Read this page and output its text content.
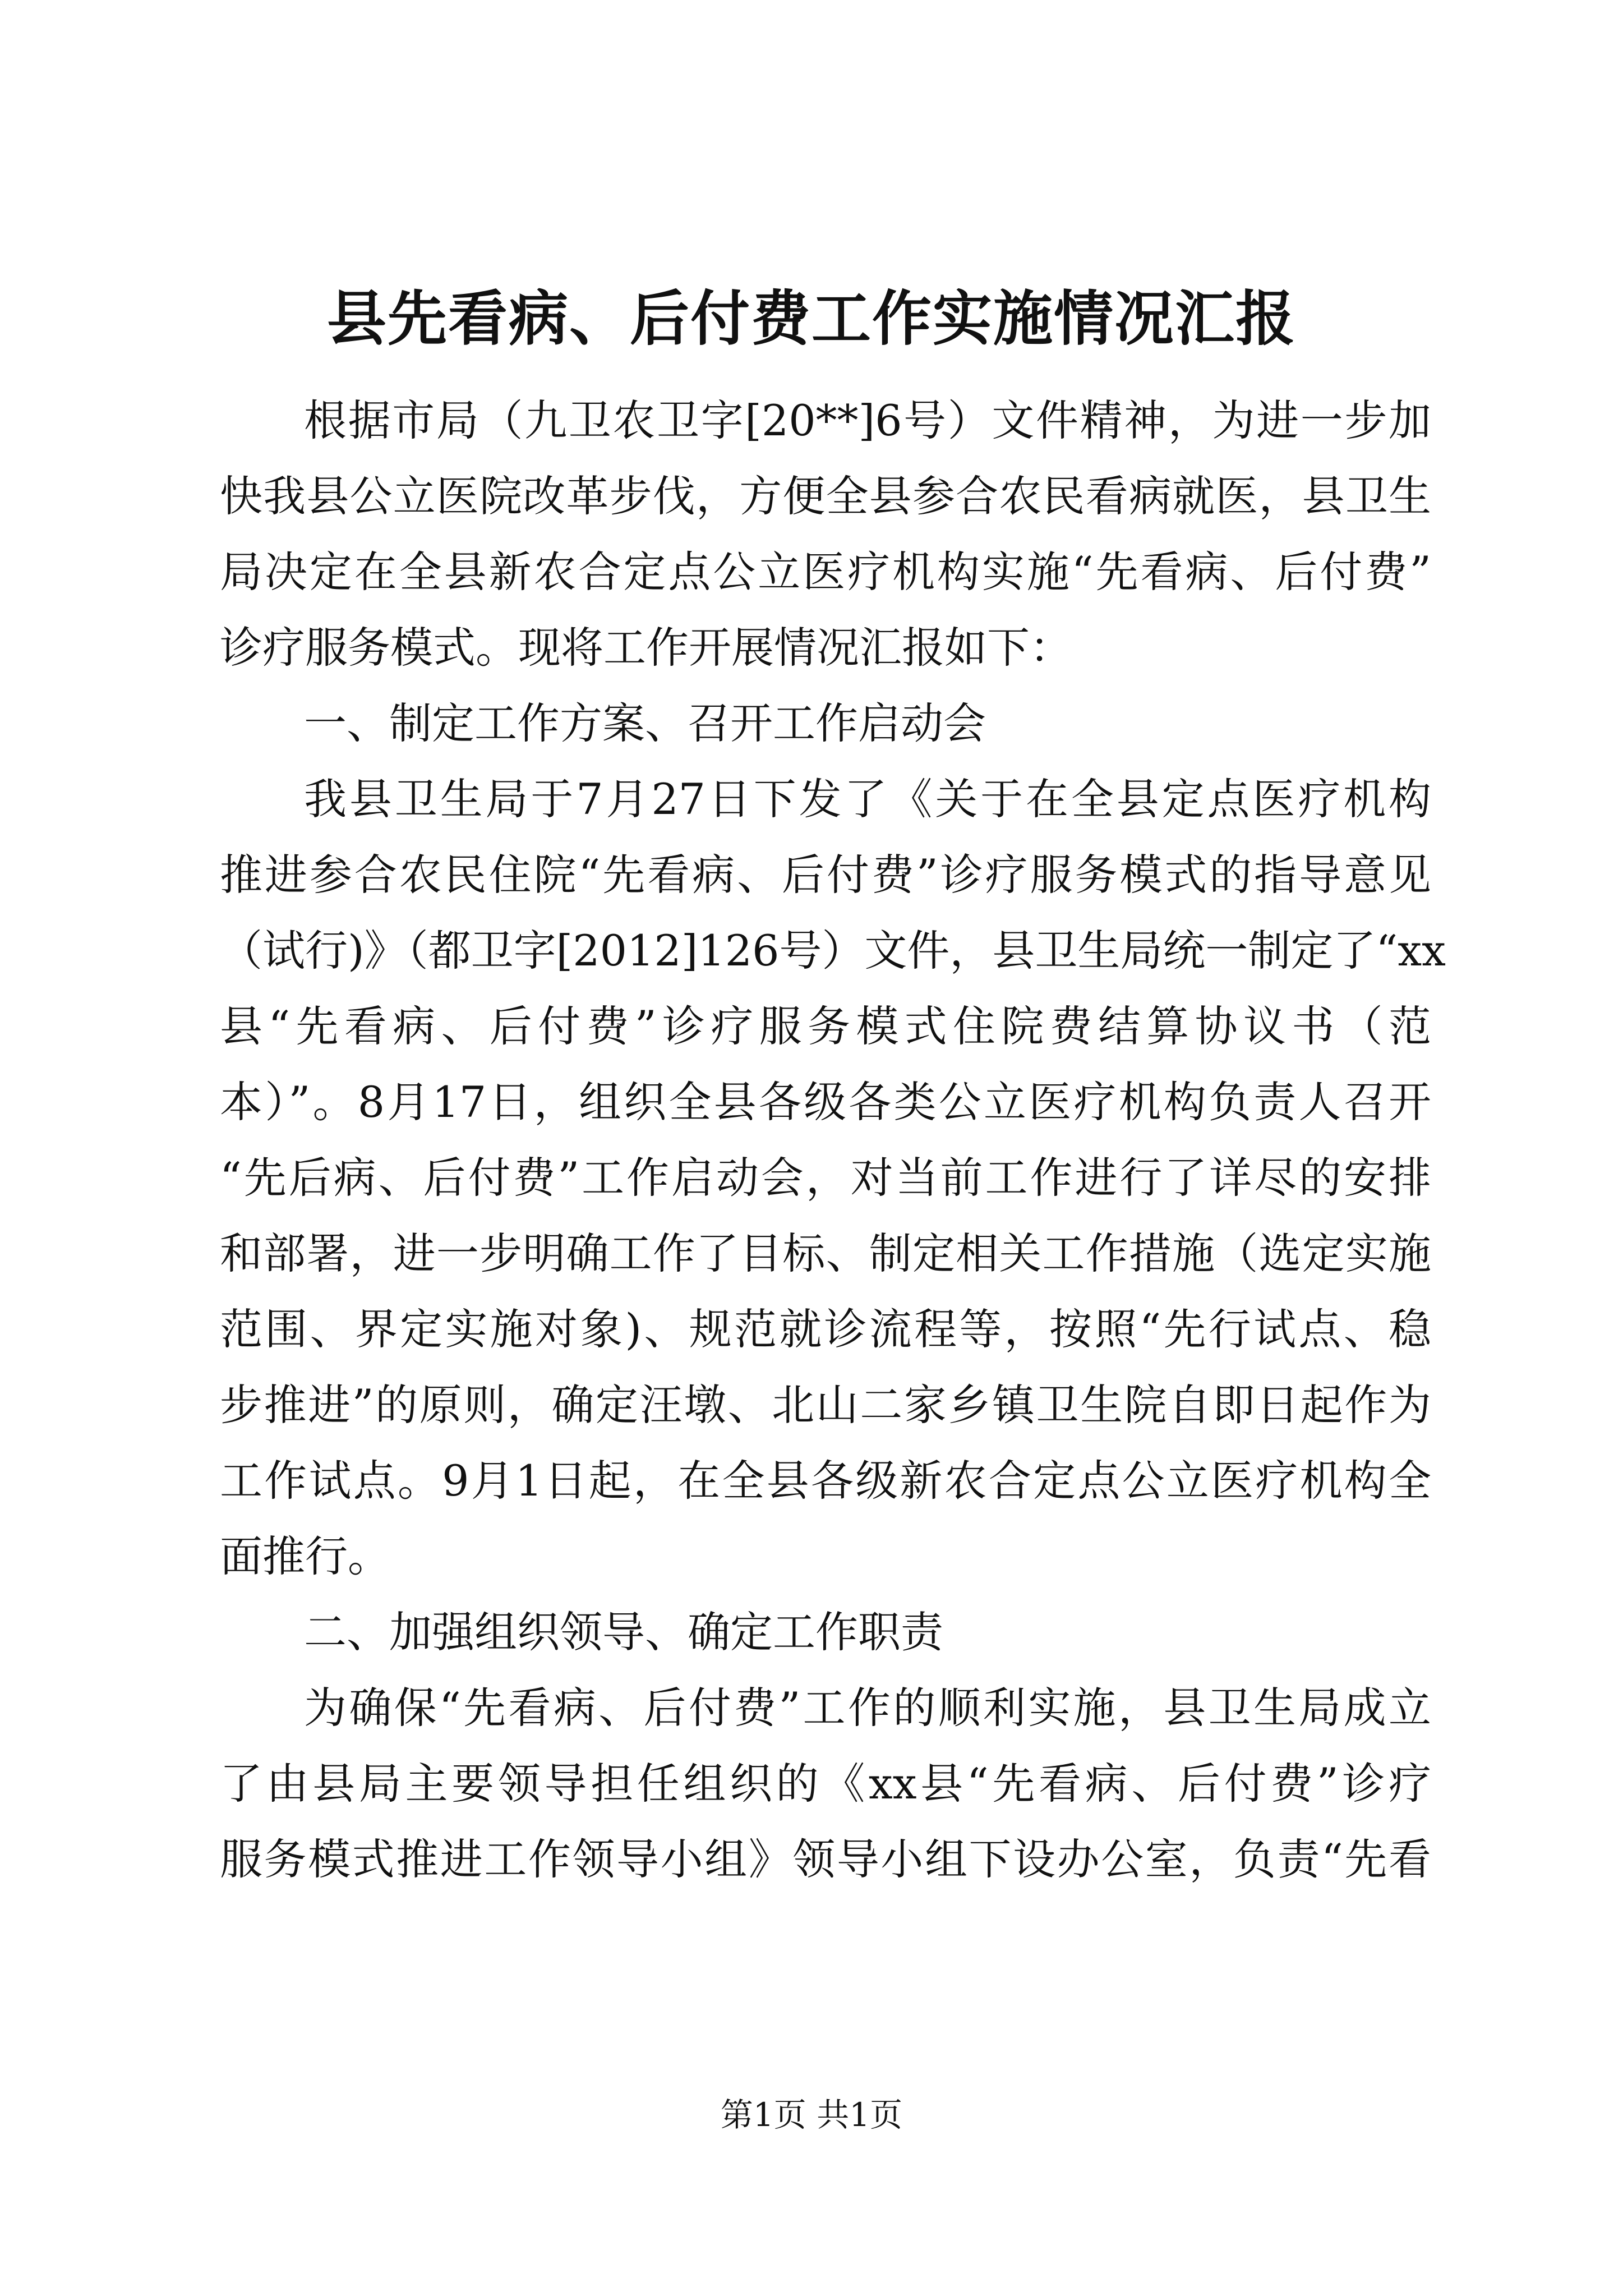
县先看病、后付费工作实施情况汇报

根据市局（九卫农卫字[20**]6号）文件精神，为进一步加

快我县公立医院改革步伐，方便全县参合农民看病就医，县卫生

局决定在全县新农合定点公立医疗机构实施“先看病、后付费”

诊疗服务模式。现将工作开展情况汇报如下：

一、制定工作方案、召开工作启动会

我县卫生局于7月27日下发了《关于在全县定点医疗机构

推进参合农民住院“先看病、后付费”诊疗服务模式的指导意见

（试行)》（都卫字[2012]126号）文件，县卫生局统一制定了“xx

县“先看病、后付费”诊疗服务模式住院费结算协议书（范

本）”。8月17日，组织全县各级各类公立医疗机构负责人召开

“先后病、后付费”工作启动会，对当前工作进行了详尽的安排

和部署，进一步明确工作了目标、制定相关工作措施（选定实施

范围、界定实施对象)、规范就诊流程等，按照“先行试点、稳

步推进”的原则，确定汪墩、北山二家乡镇卫生院自即日起作为

工作试点。9月1日起，在全县各级新农合定点公立医疗机构全

面推行。

二、加强组织领导、确定工作职责

为确保“先看病、后付费”工作的顺利实施，县卫生局成立

了由县局主要领导担任组织的《xx县“先看病、后付费”诊疗

服务模式推进工作领导小组》领导小组下设办公室，负责“先看

第1页 共1页
